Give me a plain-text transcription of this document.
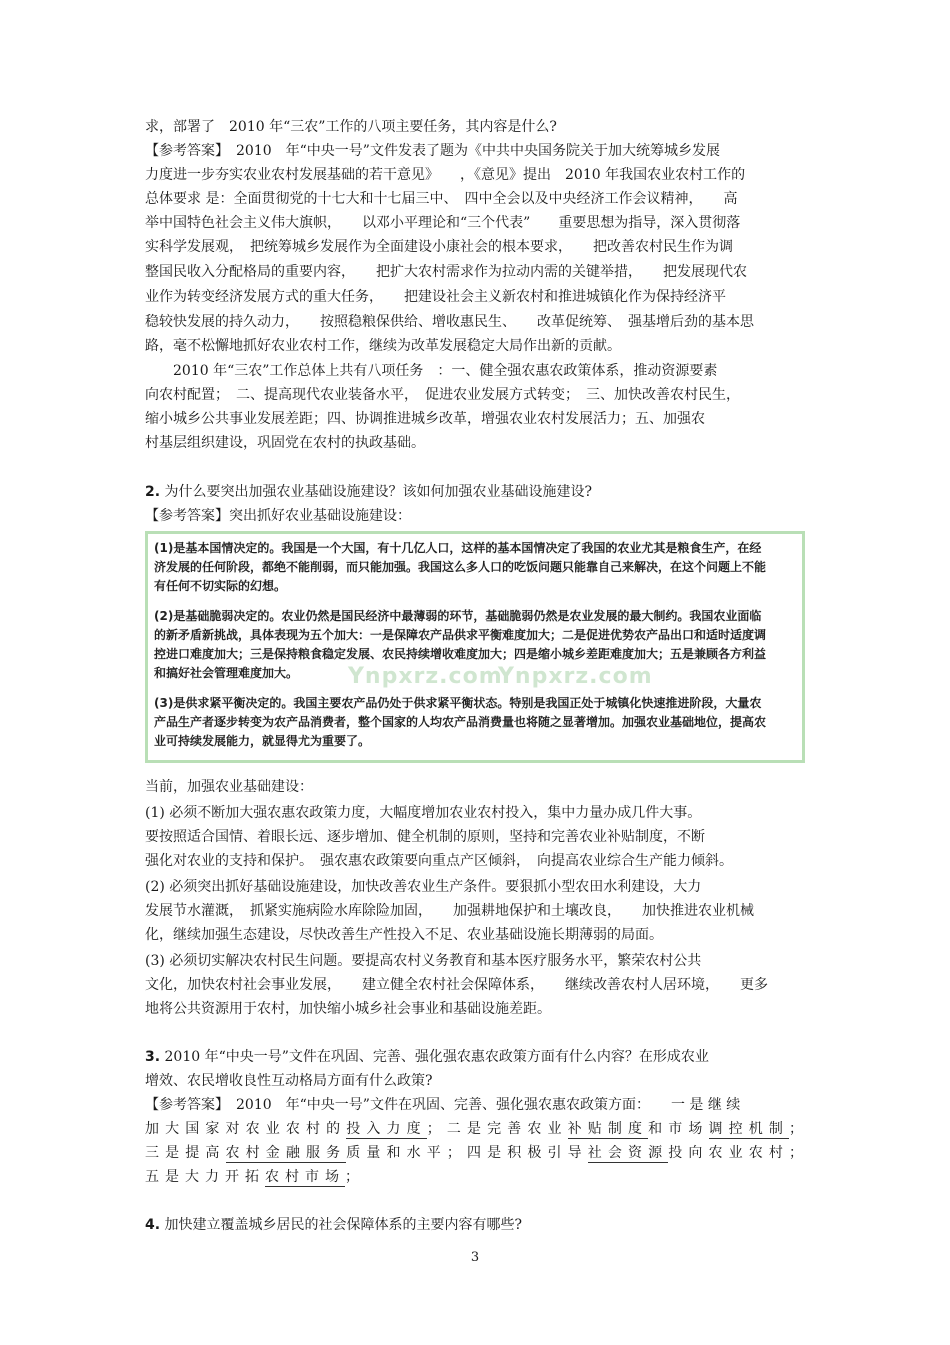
求，部署了　2010 年“三农”工作的八项主要任务，其内容是什么?
【参考答案】　2010　年“中央一号”文件发表了题为《中共中央国务院关于加大统筹城乡发展
力度进一步夯实农业农村发展基础的若干意见》　　，《意见》提出　2010 年我国农业农村工作的
总体要求 是：全面贯彻党的十七大和十七届三中、　四中全会以及中央经济工作会议精神，　　高
举中国特色社会主义伟大旗帜，　　以邓小平理论和“三个代表”　　重要思想为指导，深入贯彻落
实科学发展观，　把统筹城乡发展作为全面建设小康社会的根本要求，　　把改善农村民生作为调
整国民收入分配格局的重要内容，　　把扩大农村需求作为拉动内需的关键举措，　　把发展现代农
业作为转变经济发展方式的重大任务，　　把建设社会主义新农村和推进城镇化作为保持经济平
稳较快发展的持久动力，　　按照稳粮保供给、增收惠民生、　　改革促统筹、　强基增后劲的基本思
路，毫不松懈地抓好农业农村工作，继续为改革发展稳定大局作出新的贡献。
　　2010 年“三农”工作总体上共有八项任务　：一、健全强农惠农政策体系，推动资源要素
向农村配置；　二、提高现代农业装备水平，　促进农业发展方式转变；　三、加快改善农村民生，
缩小城乡公共事业发展差距；四、协调推进城乡改革，增强农业农村发展活力；五、加强农
村基层组织建设，巩固党在农村的执政基础。
2. 为什么要突出加强农业基础设施建设？该如何加强农业基础设施建设?
【参考答案】突出抓好农业基础设施建设：

(1)是基本国情决定的。我国是一个大国，有十几亿人口，这样的基本国情决定了我国的农业尤其是粮食生产，在经

济发展的任何阶段，都绝不能削弱，而只能加强。我国这么多人口的吃饭问题只能靠自己来解决，在这个问题上不能

有任何不切实际的幻想。

(2)是基础脆弱决定的。农业仍然是国民经济中最薄弱的环节，基础脆弱仍然是农业发展的最大制约。我国农业面临

的新矛盾新挑战，具体表现为五个加大：一是保障农产品供求平衡难度加大；二是促进优势农产品出口和适时适度调

控进口难度加大；三是保持粮食稳定发展、农民持续增收难度加大；四是缩小城乡差距难度加大；五是兼顾各方利益

和搞好社会管理难度加大。

(3)是供求紧平衡决定的。我国主要农产品仍处于供求紧平衡状态。特别是我国正处于城镇化快速推进阶段，大量农

产品生产者逐步转变为农产品消费者，整个国家的人均农产品消费量也将随之显著增加。加强农业基础地位，提高农

业可持续发展能力，就显得尤为重要了。

Ynpxrz.com
Ynpxrz.com
当前，加强农业基础建设：
(1) 必须不断加大强农惠农政策力度，大幅度增加农业农村投入，集中力量办成几件大事。
要按照适合国情、着眼长远、逐步增加、健全机制的原则，坚持和完善农业补贴制度，不断
强化对农业的支持和保护。　强农惠农政策要向重点产区倾斜，　向提高农业综合生产能力倾斜。
(2) 必须突出抓好基础设施建设，加快改善农业生产条件。要狠抓小型农田水利建设，大力
发展节水灌溉，　抓紧实施病险水库除险加固，　　加强耕地保护和土壤改良，　　加快推进农业机械
化，继续加强生态建设，尽快改善生产性投入不足、农业基础设施长期薄弱的局面。
(3) 必须切实解决农村民生问题。要提高农村义务教育和基本医疗服务水平，繁荣农村公共
文化，加快农村社会事业发展，　　建立健全农村社会保障体系，　　继续改善农村人居环境，　　更多
地将公共资源用于农村，加快缩小城乡社会事业和基础设施差距。
3. 2010 年“中央一号”文件在巩固、完善、强化强农惠农政策方面有什么内容？在形成农业
增效、农民增收良性互动格局方面有什么政策?
【参考答案】　2010　年“中央一号”文件在巩固、完善、强化强农惠农政策方面：　　一 是 继 续
加大国家对农业农村的投入力度；二是完善农业补贴制度和市场调控机制；
三是提高农村金融服务质量和水平；四是积极引导社会资源投向农业农村；
五是大力开拓农村市场；
4. 加快建立覆盖城乡居民的社会保障体系的主要内容有哪些?
3
